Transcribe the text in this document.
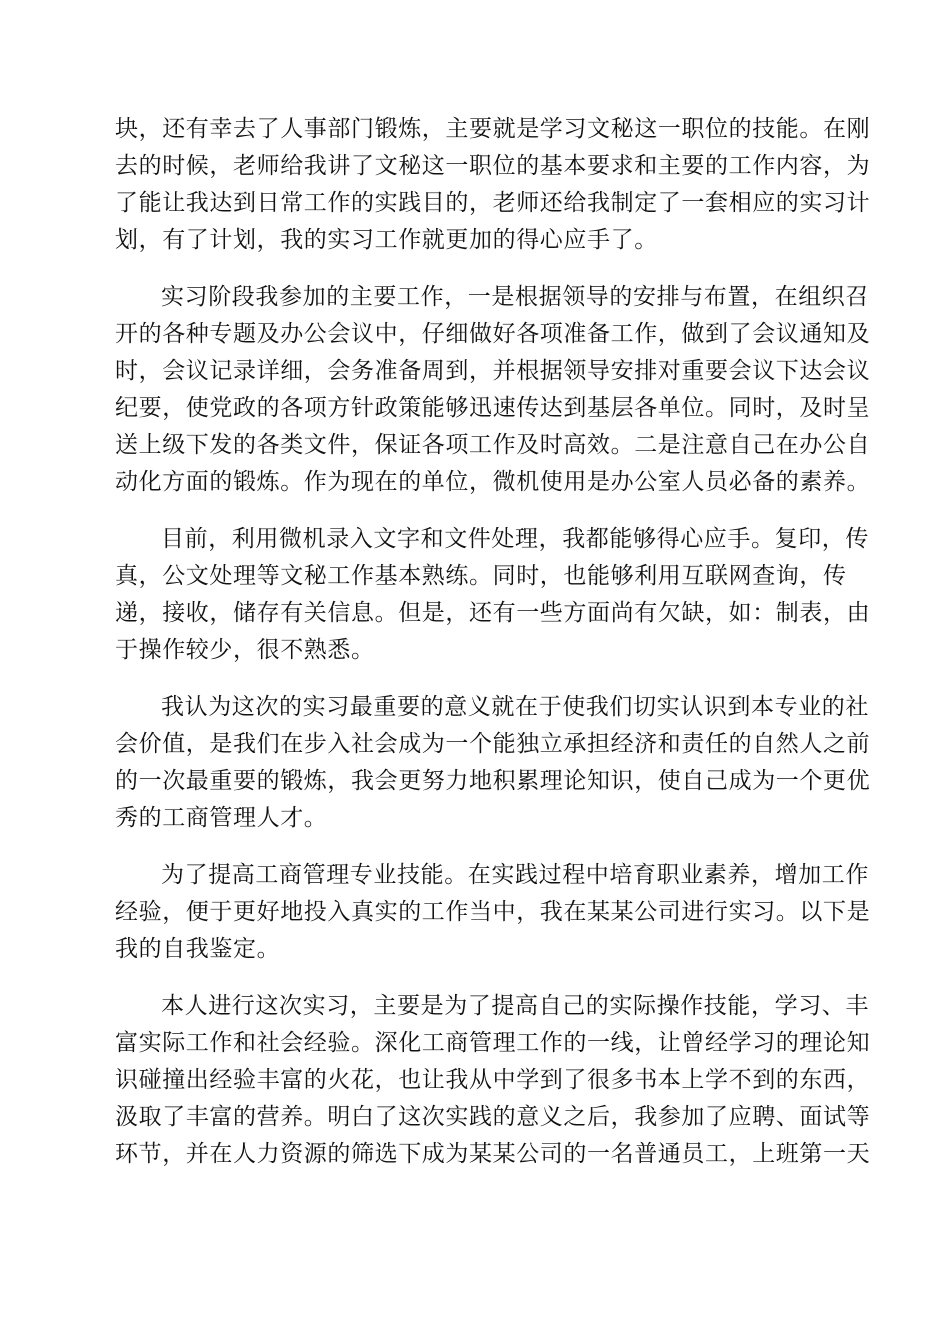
块，还有幸去了人事部门锻炼，主要就是学习文秘这一职位的技能。在刚
去的时候，老师给我讲了文秘这一职位的基本要求和主要的工作内容，为
了能让我达到日常工作的实践目的，老师还给我制定了一套相应的实习计
划，有了计划，我的实习工作就更加的得心应手了。
实习阶段我参加的主要工作，一是根据领导的安排与布置，在组织召
开的各种专题及办公会议中，仔细做好各项准备工作，做到了会议通知及
时，会议记录详细，会务准备周到，并根据领导安排对重要会议下达会议
纪要，使党政的各项方针政策能够迅速传达到基层各单位。同时，及时呈
送上级下发的各类文件，保证各项工作及时高效。二是注意自己在办公自
动化方面的锻炼。作为现在的单位，微机使用是办公室人员必备的素养。
目前，利用微机录入文字和文件处理，我都能够得心应手。复印，传
真，公文处理等文秘工作基本熟练。同时，也能够利用互联网查询，传
递，接收，储存有关信息。但是，还有一些方面尚有欠缺，如：制表，由
于操作较少，很不熟悉。
我认为这次的实习最重要的意义就在于使我们切实认识到本专业的社
会价值，是我们在步入社会成为一个能独立承担经济和责任的自然人之前
的一次最重要的锻炼，我会更努力地积累理论知识，使自己成为一个更优
秀的工商管理人才。
为了提高工商管理专业技能。在实践过程中培育职业素养，增加工作
经验，便于更好地投入真实的工作当中，我在某某公司进行实习。以下是
我的自我鉴定。
本人进行这次实习，主要是为了提高自己的实际操作技能，学习、丰
富实际工作和社会经验。深化工商管理工作的一线，让曾经学习的理论知
识碰撞出经验丰富的火花，也让我从中学到了很多书本上学不到的东西，
汲取了丰富的营养。明白了这次实践的意义之后，我参加了应聘、面试等
环节，并在人力资源的筛选下成为某某公司的一名普通员工，上班第一天
